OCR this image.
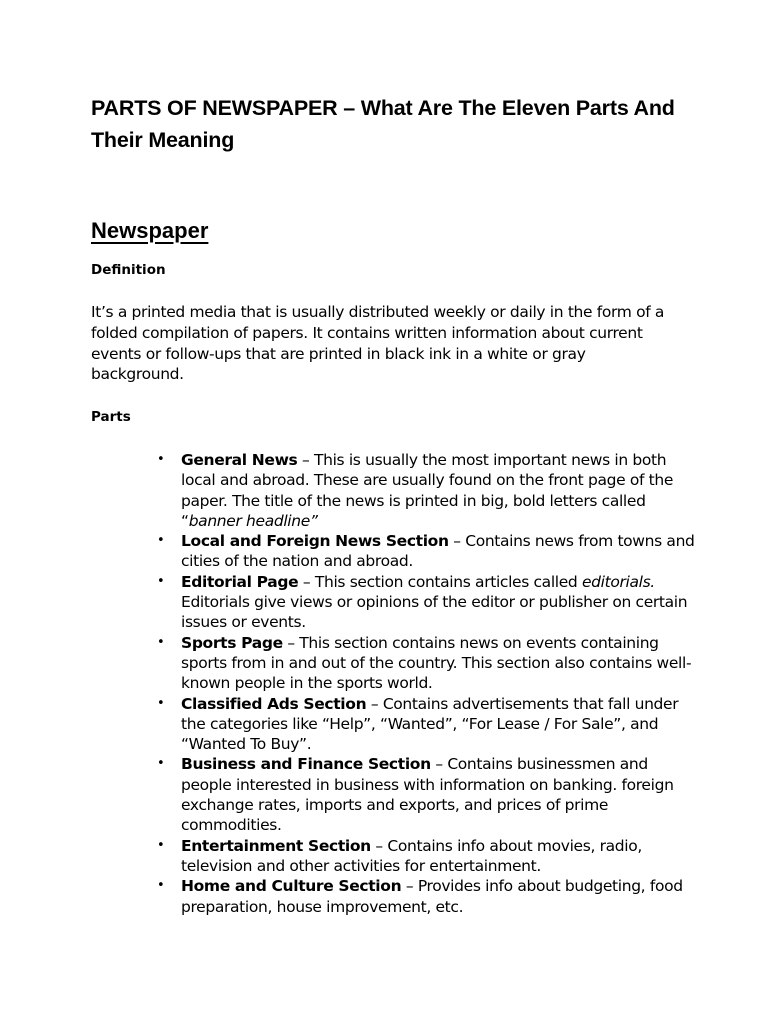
PARTS OF NEWSPAPER – What Are The Eleven Parts And Their Meaning
Newspaper

Definition

It’s a printed media that is usually distributed weekly or daily in the form of a folded compilation of papers. It contains written information about current events or follow-ups that are printed in black ink in a white or gray background.

Parts

•	General News – This is usually the most important news in both local and abroad. These are usually found on the front page of the paper. The title of the news is printed in big, bold letters called “banner headline”
•	Local and Foreign News Section – Contains news from towns and cities of the nation and abroad.
•	Editorial Page – This section contains articles called editorials. Editorials give views or opinions of the editor or publisher on certain issues or events.
•	Sports Page – This section contains news on events containing sports from in and out of the country. This section also contains well-known people in the sports world.
•	Classified Ads Section – Contains advertisements that fall under the categories like “Help”, “Wanted”, “For Lease / For Sale”, and “Wanted To Buy”.
•	Business and Finance Section – Contains businessmen and people interested in business with information on banking. foreign exchange rates, imports and exports, and prices of prime commodities.
•	Entertainment Section – Contains info about movies, radio, television and other activities for entertainment.
•	Home and Culture Section – Provides info about budgeting, food preparation, house improvement, etc.
